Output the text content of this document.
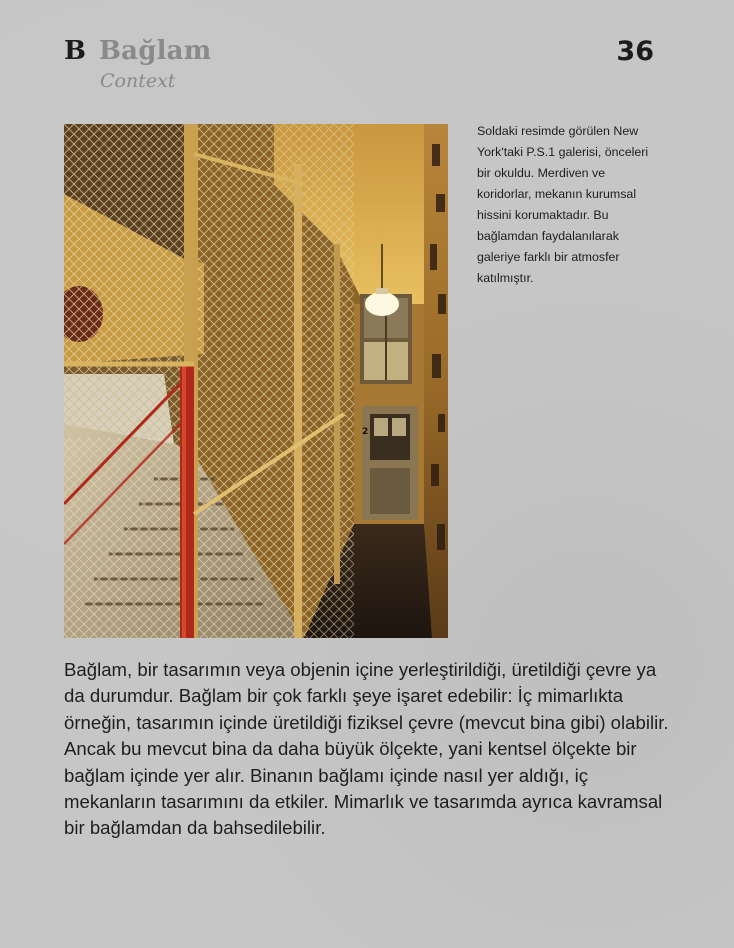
B Bağlam
Context
36
2

Soldaki resimde görülen New York'taki P.S.1 galerisi, önceleri bir okuldu. Merdiven ve koridorlar, mekanın kurumsal hissini korumaktadır. Bu bağlamdan faydalanılarak galeriye farklı bir atmosfer katılmıştır.

Bağlam, bir tasarımın veya objenin içine yerleştirildiği, üretildiği çevre ya da durumdur. Bağlam bir çok farklı şeye işaret edebilir: İç mimarlıkta örneğin, tasarımın içinde üretildiği fiziksel çevre (mevcut bina gibi) olabilir. Ancak bu mevcut bina da daha büyük ölçekte, yani kentsel ölçekte bir bağlam içinde yer alır. Binanın bağlamı içinde nasıl yer aldığı, iç mekanların tasarımını da etkiler. Mimarlık ve tasarımda ayrıca kavramsal bir bağlamdan da bahsedilebilir.
